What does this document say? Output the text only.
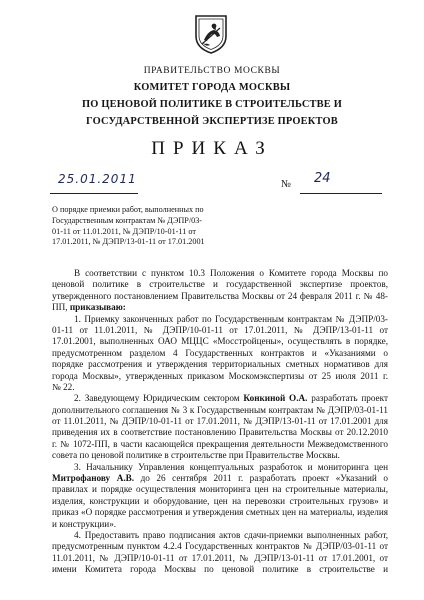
ПРАВИТЕЛЬСТВО МОСКВЫ
КОМИТЕТ ГОРОДА МОСКВЫ
ПО ЦЕНОВОЙ ПОЛИТИКЕ В СТРОИТЕЛЬСТВЕ И
ГОСУДАРСТВЕННОЙ ЭКСПЕРТИЗЕ ПРОЕКТОВ
ПРИКАЗ
25.01.2011	№ 24
О порядке приемки работ, выполненных по
Государственным контрактам № ДЭПР/03-
01-11 от 11.01.2011, № ДЭПР/10-01-11 от
17.01.2011, № ДЭПР/13-01-11 от 17.01.2001
В соответствии с пунктом 10.3 Положения о Комитете города Москвы по
ценовой политике в строительстве и государственной экспертизе проектов,
утвержденного постановлением Правительства Москвы от 24 февраля 2011 г. № 48-
ПП, приказываю:
1. Приемку законченных работ по Государственным контрактам № ДЭПР/03-
01-11 от 11.01.2011, № ДЭПР/10-01-11 от 17.01.2011, № ДЭПР/13-01-11 от
17.01.2001, выполненных ОАО МЦЦС «Мосстройцены», осуществлять в порядке,
предусмотренном разделом 4 Государственных контрактов и «Указаниями о
порядке рассмотрения и утверждения территориальных сметных нормативов для
города Москвы», утвержденных приказом Москомэкспертизы от 25 июля 2011 г.
№ 22.
2. Заведующему Юридическим сектором Конкиной О.А. разработать проект
дополнительного соглашения № 3 к Государственным контрактам № ДЭПР/03-01-11
от 11.01.2011, № ДЭПР/10-01-11 от 17.01.2011, № ДЭПР/13-01-11 от 17.01.2001 для
приведения их в соответствие постановлению Правительства Москвы от 20.12.2010
г. № 1072-ПП, в части касающейся прекращения деятельности Межведомственного
совета по ценовой политике в строительстве при Правительстве Москвы.
3. Начальнику Управления концептуальных разработок и мониторинга цен
Митрофанову А.В. до 26 сентября 2011 г. разработать проект «Указаний о
правилах и порядке осуществления мониторинга цен на строительные материалы,
изделия, конструкции и оборудование, цен на перевозки строительных грузов» и
приказ «О порядке рассмотрения и утверждения сметных цен на материалы, изделия
и конструкции».
4. Предоставить право подписания актов сдачи-приемки выполненных работ,
предусмотренным пунктом 4.2.4 Государственных контрактов № ДЭПР/03-01-11 от
11.01.2011, № ДЭПР/10-01-11 от 17.01.2011, № ДЭПР/13-01-11 от 17.01.2001, от
имени Комитета города Москвы по ценовой политике в строительстве и
